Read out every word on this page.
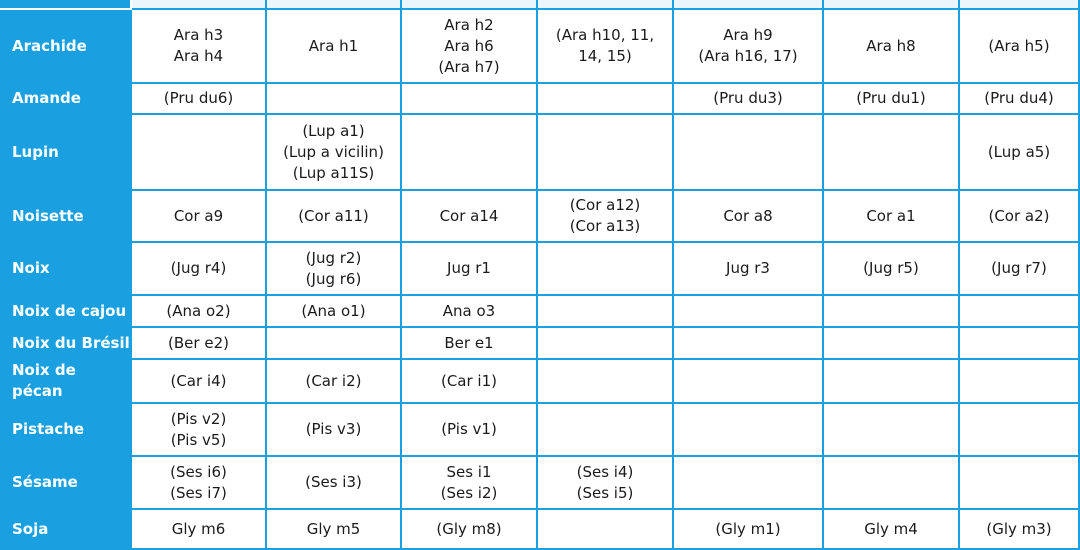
Arachide	Ara h3
Ara h4	Ara h1	Ara h2
Ara h6
(Ara h7)	(Ara h10, 11,
14, 15)	Ara h9
(Ara h16, 17)	Ara h8	(Ara h5)

Amande	(Pru du6)				(Pru du3)	(Pru du1)	(Pru du4)

Lupin		(Lup a1)
(Lup a vicilin)
(Lup a11S)					(Lup a5)

Noisette	Cor a9	(Cor a11)	Cor a14	(Cor a12)
(Cor a13)	Cor a8	Cor a1	(Cor a2)

Noix	(Jug r4)	(Jug r2)
(Jug r6)	Jug r1		Jug r3	(Jug r5)	(Jug r7)

Noix de cajou	(Ana o2)	(Ana o1)	Ana o3				

Noix du Brésil	(Ber e2)		Ber e1				

Noix de pécan	(Car i4)	(Car i2)	(Car i1)				

Pistache	(Pis v2)
(Pis v5)	(Pis v3)	(Pis v1)				

Sésame	(Ses i6)
(Ses i7)	(Ses i3)	Ses i1
(Ses i2)	(Ses i4)
(Ses i5)			

Soja	Gly m6	Gly m5	(Gly m8)		(Gly m1)	Gly m4	(Gly m3)
